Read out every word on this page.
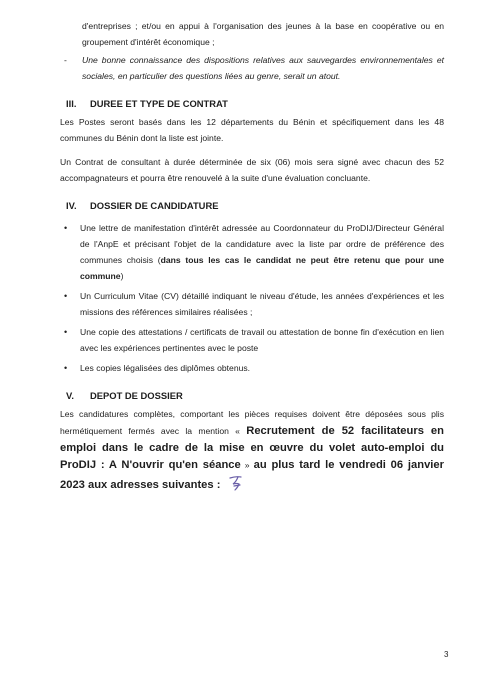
d'entreprises ; et/ou en appui à l'organisation des jeunes à la base en coopérative ou en groupement d'intérêt économique ;

- Une bonne connaissance des dispositions relatives aux sauvegardes environnementales et sociales, en particulier des questions liées au genre, serait un atout.

III.	DUREE ET TYPE DE CONTRAT

Les Postes seront basés dans les 12 départements du Bénin et spécifiquement dans les 48 communes du Bénin dont la liste est jointe.

Un Contrat de consultant à durée déterminée de six (06) mois sera signé avec chacun des 52 accompagnateurs et pourra être renouvelé à la suite d'une évaluation concluante.

IV.	DOSSIER DE CANDIDATURE
• Une lettre de manifestation d'intérêt adressée au Coordonnateur du ProDIJ/Directeur Général de l'AnpE et précisant l'objet de la candidature avec la liste par ordre de préférence des communes choisis (dans tous les cas le candidat ne peut être retenu que pour une commune)
• Un Curriculum Vitae (CV) détaillé indiquant le niveau d'étude, les années d'expériences et les missions des références similaires réalisées ;
• Une copie des attestations / certificats de travail ou attestation de bonne fin d'exécution en lien avec les expériences pertinentes avec le poste
• Les copies légalisées des diplômes obtenus.
V.	DEPOT DE DOSSIER

Les candidatures complètes, comportant les pièces requises doivent être déposées sous plis hermétiquement fermés avec la mention « Recrutement de 52 facilitateurs en emploi dans le cadre de la mise en œuvre du volet auto-emploi du ProDIJ : A N'ouvrir qu'en séance » au plus tard le vendredi 06 janvier 2023 aux adresses suivantes :

3
